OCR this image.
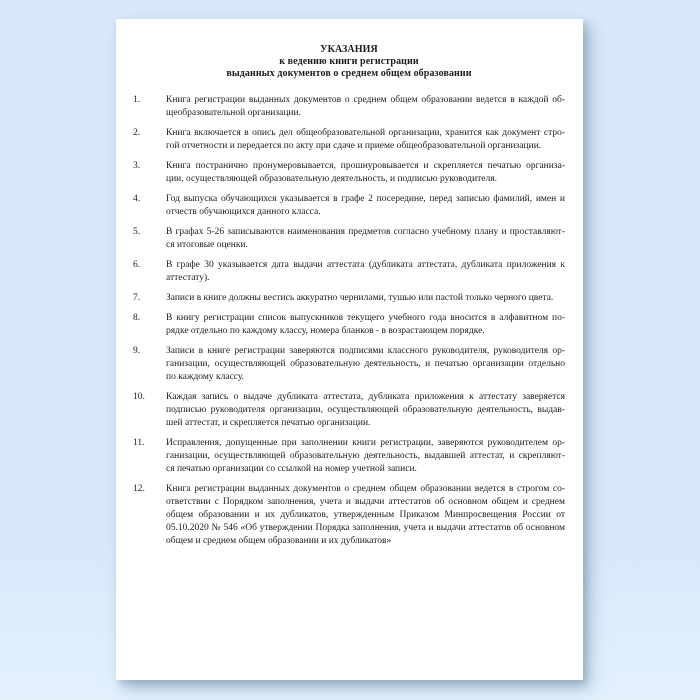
УКАЗАНИЯ
к ведению книги регистрации
выданных документов о среднем общем образовании
1.	Книга регистрации выданных документов о среднем общем образовании ведется в каждой об-
щеобразовательной организации.
2.	Книга включается в опись дел общеобразовательной организации, хранится как документ стро-
гой отчетности и передается по акту при сдаче и приеме общеобразовательной организации.
3.	Книга постранично пронумеровывается, прошнуровывается и скрепляется печатью организа-
ции, осуществляющей образовательную деятельность, и подписью руководителя.
4.	Год выпуска обучающихся указывается в графе 2 посередине, перед записью фамилий, имен и
отчеств обучающихся данного класса.
5.	В графах 5-26 записываются наименования предметов согласно учебному плану и проставляют-
ся итоговые оценки.
6.	В графе 30 указывается дата выдачи аттестата (дубликата аттестата, дубликата приложения к
аттестату).
7.	Записи в книге должны вестись аккуратно чернилами, тушью или пастой только черного цвета.
8.	В книгу регистрации список выпускников текущего учебного года вносится в алфавитном по-
рядке отдельно по каждому классу, номера бланков - в возрастающем порядке.
9.	Записи в книге регистрации заверяются подписями классного руководителя, руководителя ор-
ганизации, осуществляющей образовательную деятельность, и печатью организации отдельно
по каждому классу.
10.	Каждая запись о выдаче дубликата аттестата, дубликата приложения к аттестату заверяется
подписью руководителя организации, осуществляющей образовательную деятельность, выдав-
шей аттестат, и скрепляется печатью организации.
11.	Исправления, допущенные при заполнении книги регистрации, заверяются руководителем ор-
ганизации, осуществляющей образовательную деятельность, выдавшей аттестат, и скрепляют-
ся печатью организации со ссылкой на номер учетной записи.
12.	Книга регистрации выданных документов о среднем общем образовании ведется в строгом со-
ответствии с Порядком заполнения, учета и выдачи аттестатов об основном общем и среднем
общем образовании и их дубликатов, утвержденным Приказом Минпросвещения России от
05.10.2020 № 546 «Об утверждении Порядка заполнения, учета и выдачи аттестатов об основном
общем и среднем общем образовании и их дубликатов»
